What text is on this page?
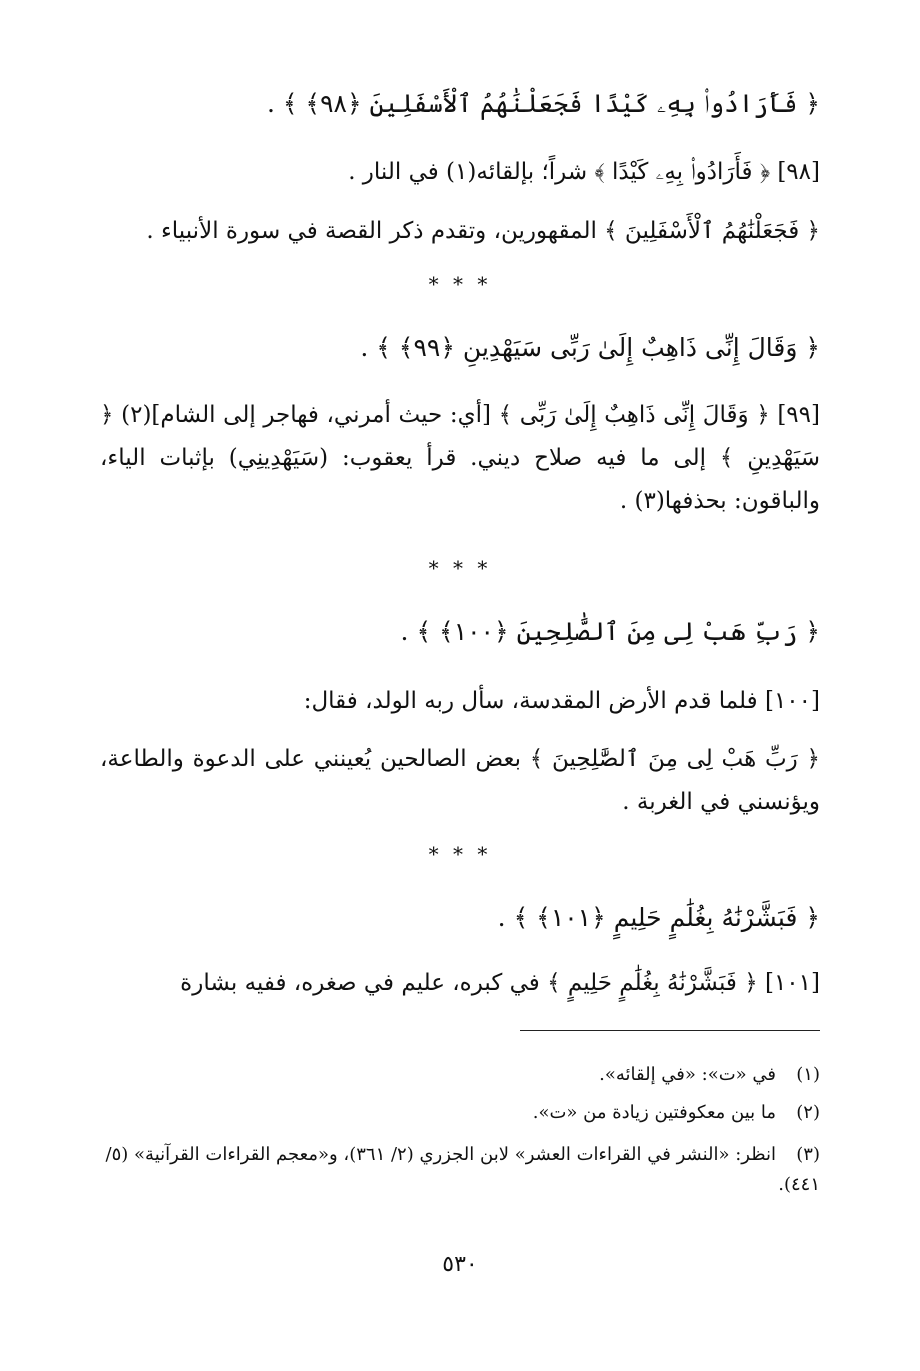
﴿ فَأَرَادُوا۟ بِهِۦ كَيْدًا فَجَعَلْنَٰهُمُ ٱلْأَسْفَلِينَ ﴿٩٨﴾ ﴾ .
[٩٨] ﴿ فَأَرَادُوا۟ بِهِۦ كَيْدًا ﴾ شراً؛ بإلقائه(١) في النار .
﴿ فَجَعَلْنَٰهُمُ ٱلْأَسْفَلِينَ ﴾ المقهورين، وتقدم ذكر القصة في سورة الأنبياء .
* * *
﴿ وَقَالَ إِنِّى ذَاهِبٌ إِلَىٰ رَبِّى سَيَهْدِينِ ﴿٩٩﴾ ﴾ .
[٩٩] ﴿ وَقَالَ إِنِّى ذَاهِبٌ إِلَىٰ رَبِّى ﴾ [أي: حيث أمرني، فهاجر إلى الشام](٢) ﴿ سَيَهْدِينِ ﴾ إلى ما فيه صلاح ديني. قرأ يعقوب: (سَيَهْدِينِي) بإثبات الياء، والباقون: بحذفها(٣) .
* * *
﴿ رَبِّ هَبْ لِى مِنَ ٱلصَّٰلِحِينَ ﴿١٠٠﴾ ﴾ .
[١٠٠] فلما قدم الأرض المقدسة، سأل ربه الولد، فقال:
﴿ رَبِّ هَبْ لِى مِنَ ٱلصَّٰلِحِينَ ﴾ بعض الصالحين يُعينني على الدعوة والطاعة، ويؤنسني في الغربة .
* * *
﴿ فَبَشَّرْنَٰهُ بِغُلَٰمٍ حَلِيمٍ ﴿١٠١﴾ ﴾ .
[١٠١] ﴿ فَبَشَّرْنَٰهُ بِغُلَٰمٍ حَلِيمٍ ﴾ في كبره، عليم في صغره، ففيه بشارة
(١)في «ت»: «في إلقائه».
(٢)ما بين معكوفتين زيادة من «ت».
(٣)انظر: «النشر في القراءات العشر» لابن الجزري (٢/ ٣٦١)، و«معجم القراءات القرآنية» (٥/ ٤٤١).
٥٣٠
